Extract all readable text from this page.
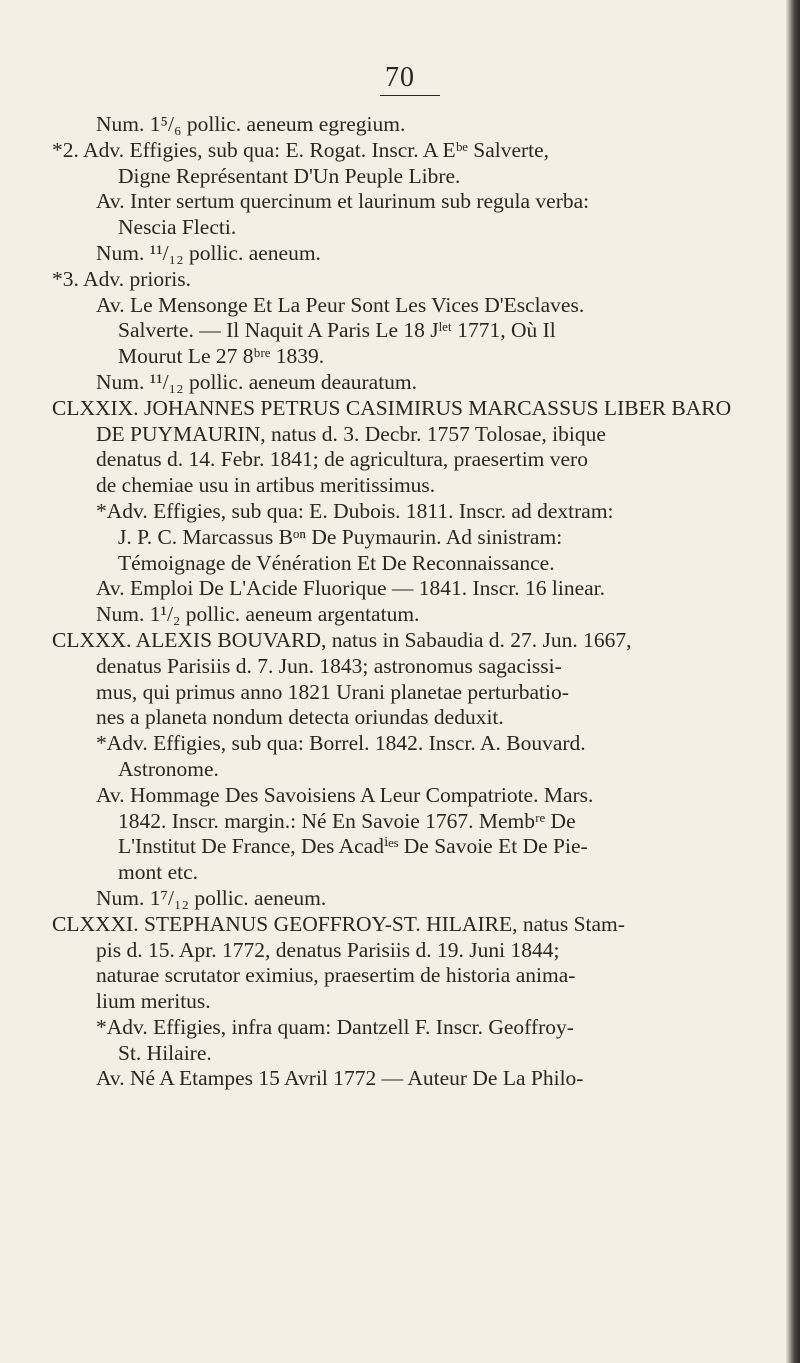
70
Num. 1⁵/₆ pollic. aeneum egregium.
*2. Adv. Effigies, sub qua: E. Rogat. Inscr. A Eᵇᵉ Salverte,
Digne Représentant D'Un Peuple Libre.
Av. Inter sertum quercinum et laurinum sub regula verba:
Nescia Flecti.
Num. ¹¹/₁₂ pollic. aeneum.
*3. Adv. prioris.
Av. Le Mensonge Et La Peur Sont Les Vices D'Esclaves.
Salverte. — Il Naquit A Paris Le 18 Jˡᵉᵗ 1771, Où Il
Mourut Le 27 8ᵇʳᵉ 1839.
Num. ¹¹/₁₂ pollic. aeneum deauratum.
CLXXIX. JOHANNES PETRUS CASIMIRUS MARCASSUS LIBER BARO
DE PUYMAURIN, natus d. 3. Decbr. 1757 Tolosae, ibique
denatus d. 14. Febr. 1841; de agricultura, praesertim vero
de chemiae usu in artibus meritissimus.
*Adv. Effigies, sub qua: E. Dubois. 1811. Inscr. ad dextram:
J. P. C. Marcassus Bᵒⁿ De Puymaurin. Ad sinistram:
Témoignage de Vénération Et De Reconnaissance.
Av. Emploi De L'Acide Fluorique — 1841. Inscr. 16 linear.
Num. 1¹/₂ pollic. aeneum argentatum.
CLXXX. ALEXIS BOUVARD, natus in Sabaudia d. 27. Jun. 1667,
denatus Parisiis d. 7. Jun. 1843; astronomus sagacissi-
mus, qui primus anno 1821 Urani planetae perturbatio-
nes a planeta nondum detecta oriundas deduxit.
*Adv. Effigies, sub qua: Borrel. 1842. Inscr. A. Bouvard.
Astronome.
Av. Hommage Des Savoisiens A Leur Compatriote. Mars.
1842. Inscr. margin.: Né En Savoie 1767. Membʳᵉ De
L'Institut De France, Des Acadⁱᵉˢ De Savoie Et De Pie-
mont etc.
Num. 1⁷/₁₂ pollic. aeneum.
CLXXXI. STEPHANUS GEOFFROY-ST. HILAIRE, natus Stam-
pis d. 15. Apr. 1772, denatus Parisiis d. 19. Juni 1844;
naturae scrutator eximius, praesertim de historia anima-
lium meritus.
*Adv. Effigies, infra quam: Dantzell F. Inscr. Geoffroy-
St. Hilaire.
Av. Né A Etampes 15 Avril 1772 — Auteur De La Philo-
